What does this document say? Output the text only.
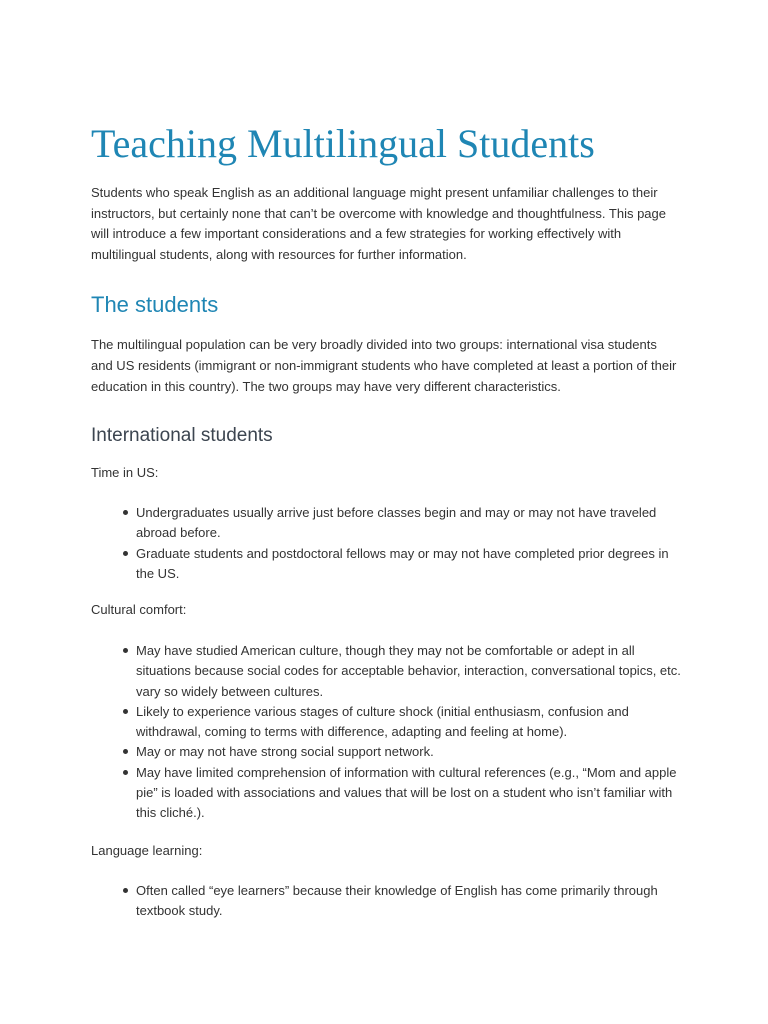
Teaching Multilingual Students

Students who speak English as an additional language might present unfamiliar challenges to their instructors, but certainly none that can’t be overcome with knowledge and thoughtfulness. This page will introduce a few important considerations and a few strategies for working effectively with multilingual students, along with resources for further information.

The students

The multilingual population can be very broadly divided into two groups: international visa students and US residents (immigrant or non-immigrant students who have completed at least a portion of their education in this country). The two groups may have very different characteristics.

International students

Time in US:

Undergraduates usually arrive just before classes begin and may or may not have traveled abroad before.
Graduate students and postdoctoral fellows may or may not have completed prior degrees in the US.

Cultural comfort:

May have studied American culture, though they may not be comfortable or adept in all situations because social codes for acceptable behavior, interaction, conversational topics, etc. vary so widely between cultures.
Likely to experience various stages of culture shock (initial enthusiasm, confusion and withdrawal, coming to terms with difference, adapting and feeling at home).
May or may not have strong social support network.
May have limited comprehension of information with cultural references (e.g., “Mom and apple pie” is loaded with associations and values that will be lost on a student who isn’t familiar with this cliché.).

Language learning:

Often called “eye learners” because their knowledge of English has come primarily through textbook study.
